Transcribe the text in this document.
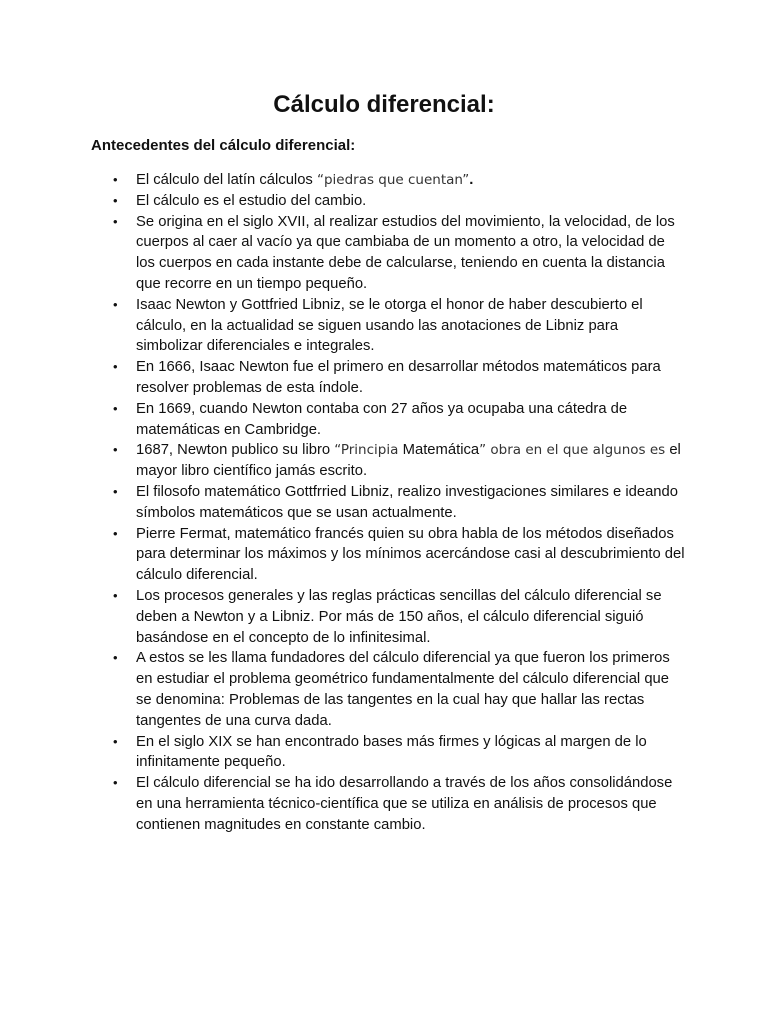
Cálculo diferencial:
Antecedentes del cálculo diferencial:
• El cálculo del latín cálculos “piedras que cuentan”.
• El cálculo es el estudio del cambio.
• Se origina en el siglo XVII, al realizar estudios del movimiento, la velocidad, de los cuerpos al caer al vacío ya que cambiaba de un momento a otro, la velocidad de los cuerpos en cada instante debe de calcularse, teniendo en cuenta la distancia que recorre en un tiempo pequeño.
• Isaac Newton y Gottfried Libniz, se le otorga el honor de haber descubierto el cálculo, en la actualidad se siguen usando las anotaciones de Libniz para simbolizar diferenciales e integrales.
• En 1666, Isaac Newton fue el primero en desarrollar métodos matemáticos para resolver problemas de esta índole.
• En 1669, cuando Newton contaba con 27 años ya ocupaba una cátedra de matemáticas en Cambridge.
• 1687, Newton publico su libro “Principia Matemática” obra en el que algunos es el mayor libro científico jamás escrito.
• El filosofo matemático Gottfrried Libniz, realizo investigaciones similares e ideando símbolos matemáticos que se usan actualmente.
• Pierre Fermat, matemático francés quien su obra habla de los métodos diseñados para determinar los máximos y los mínimos acercándose casi al descubrimiento del cálculo diferencial.
• Los procesos generales y las reglas prácticas sencillas del cálculo diferencial se deben a Newton y a Libniz. Por más de 150 años, el cálculo diferencial siguió basándose en el concepto de lo infinitesimal.
• A estos se les llama fundadores del cálculo diferencial ya que fueron los primeros en estudiar el problema geométrico fundamentalmente del cálculo diferencial que se denomina: Problemas de las tangentes en la cual hay que hallar las rectas tangentes de una curva dada.
• En el siglo XIX se han encontrado bases más firmes y lógicas al margen de lo infinitamente pequeño.
• El cálculo diferencial se ha ido desarrollando a través de los años consolidándose en una herramienta técnico-científica que se utiliza en análisis de procesos que contienen magnitudes en constante cambio.
